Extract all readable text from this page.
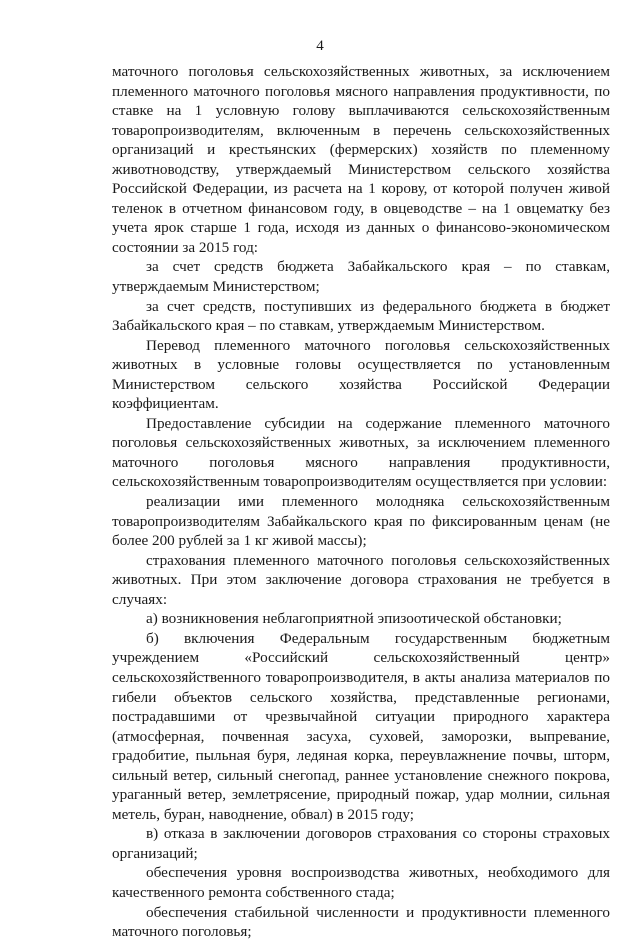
4

маточного поголовья сельскохозяйственных животных, за исключением племенного маточного поголовья мясного направления продуктивности, по ставке на 1 условную голову выплачиваются сельскохозяйственным товаропроизводителям, включенным в перечень сельскохозяйственных организаций и крестьянских (фермерских) хозяйств по племенному животноводству, утверждаемый Министерством сельского хозяйства Российской Федерации, из расчета на 1 корову, от которой получен живой теленок в отчетном финансовом году, в овцеводстве – на 1 овцематку без учета ярок старше 1 года, исходя из данных о финансово-экономическом состоянии за 2015 год:

за счет средств бюджета Забайкальского края – по ставкам, утверждаемым Министерством;

за счет средств, поступивших из федерального бюджета в бюджет Забайкальского края – по ставкам, утверждаемым Министерством.

Перевод племенного маточного поголовья сельскохозяйственных животных в условные головы осуществляется по установленным Министерством сельского хозяйства Российской Федерации коэффициентам.

Предоставление субсидии на содержание племенного маточного поголовья сельскохозяйственных животных, за исключением племенного маточного поголовья мясного направления продуктивности, сельскохозяйственным товаропроизводителям осуществляется при условии:

реализации ими племенного молодняка сельскохозяйственным товаропроизводителям Забайкальского края по фиксированным ценам (не более 200 рублей за 1 кг живой массы);

страхования племенного маточного поголовья сельскохозяйственных животных. При этом заключение договора страхования не требуется в случаях:

а) возникновения неблагоприятной эпизоотической обстановки;

б) включения Федеральным государственным бюджетным учреждением «Российский сельскохозяйственный центр» сельскохозяйственного товаропроизводителя, в акты анализа материалов по гибели объектов сельского хозяйства, представленные регионами, пострадавшими от чрезвычайной ситуации природного характера (атмосферная, почвенная засуха, суховей, заморозки, выпревание, градобитие, пыльная буря, ледяная корка, переувлажнение почвы, шторм, сильный ветер, сильный снегопад, раннее установление снежного покрова, ураганный ветер, землетрясение, природный пожар, удар молнии, сильная метель, буран, наводнение, обвал) в 2015 году;

в) отказа в заключении договоров страхования со стороны страховых организаций;

обеспечения уровня воспроизводства животных, необходимого для качественного ремонта собственного стада;

обеспечения стабильной численности и продуктивности племенного маточного поголовья;
